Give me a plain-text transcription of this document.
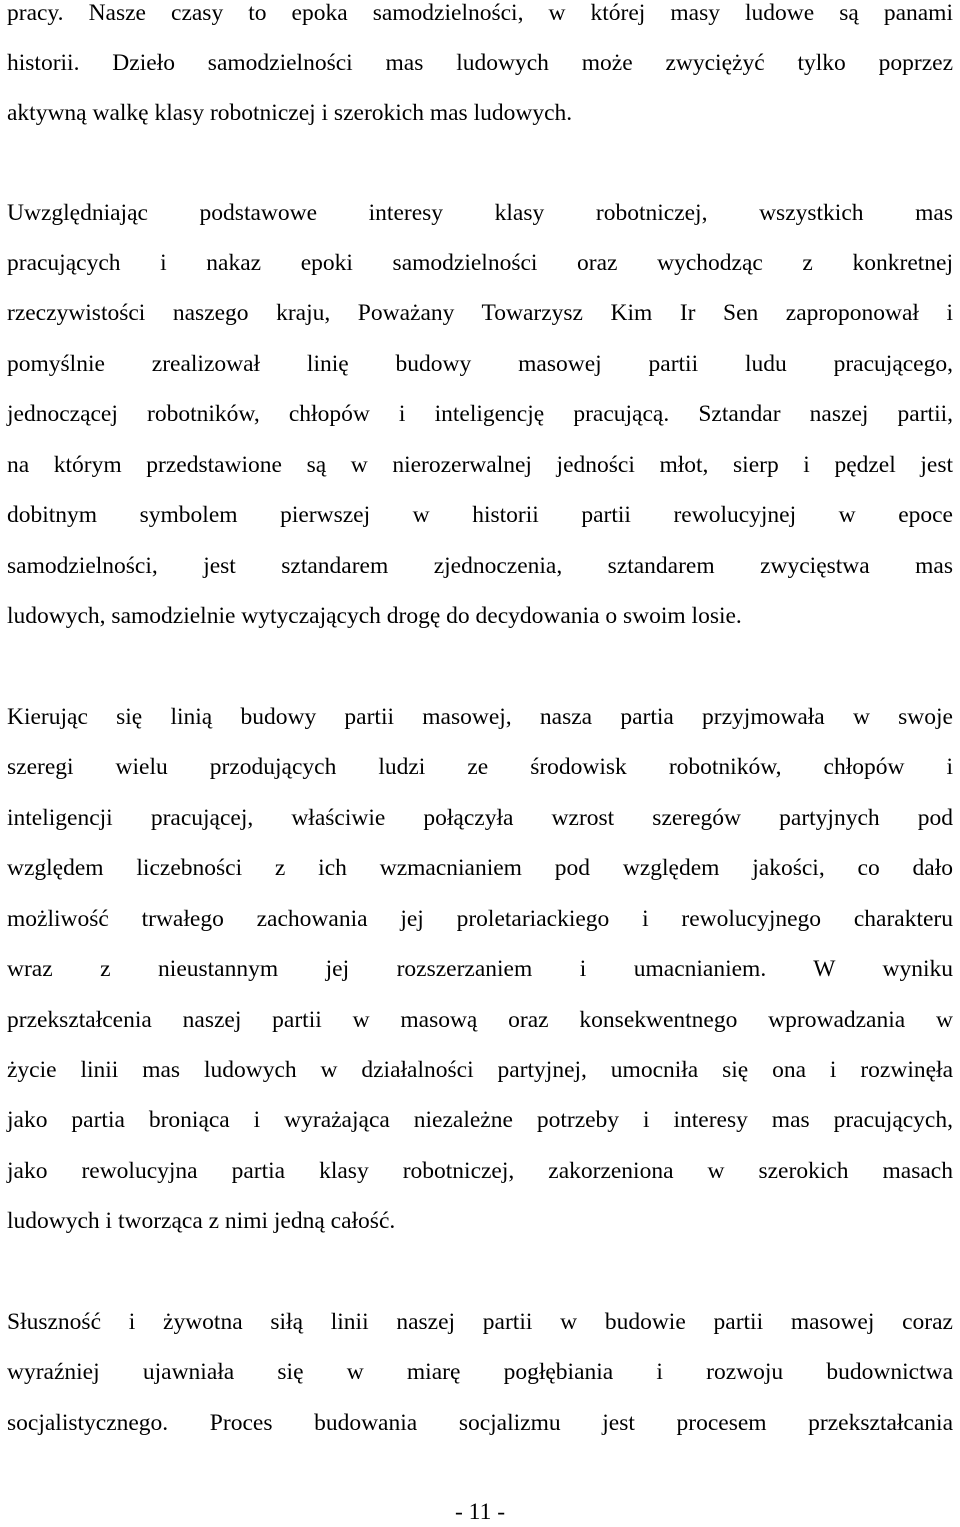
pracy. Nasze czasy to epoka samodzielności, w której masy ludowe są panami

historii. Dzieło samodzielności mas ludowych może zwyciężyć tylko poprzez

aktywną walkę klasy robotniczej i szerokich mas ludowych.

Uwzględniając podstawowe interesy klasy robotniczej, wszystkich mas

pracujących i nakaz epoki samodzielności oraz wychodząc z konkretnej

rzeczywistości naszego kraju, Poważany Towarzysz Kim Ir Sen zaproponował i

pomyślnie zrealizował linię budowy masowej partii ludu pracującego,

jednoczącej robotników, chłopów i inteligencję pracującą. Sztandar naszej partii,

na którym przedstawione są w nierozerwalnej jedności młot, sierp i pędzel jest

dobitnym symbolem pierwszej w historii partii rewolucyjnej w epoce

samodzielności, jest sztandarem zjednoczenia, sztandarem zwycięstwa mas

ludowych, samodzielnie wytyczających drogę do decydowania o swoim losie.

Kierując się linią budowy partii masowej, nasza partia przyjmowała w swoje

szeregi wielu przodujących ludzi ze środowisk robotników, chłopów i

inteligencji pracującej, właściwie połączyła wzrost szeregów partyjnych pod

względem liczebności z ich wzmacnianiem pod względem jakości, co dało

możliwość trwałego zachowania jej proletariackiego i rewolucyjnego charakteru

wraz z nieustannym jej rozszerzaniem i umacnianiem. W wyniku

przekształcenia naszej partii w masową oraz konsekwentnego wprowadzania w

życie linii mas ludowych w działalności partyjnej, umocniła się ona i rozwinęła

jako partia broniąca i wyrażająca niezależne potrzeby i interesy mas pracujących,

jako rewolucyjna partia klasy robotniczej, zakorzeniona w szerokich masach

ludowych i tworząca z nimi jedną całość.

Słuszność i żywotna siłą linii naszej partii w budowie partii masowej coraz

wyraźniej ujawniała się w miarę pogłębiania i rozwoju budownictwa

socjalistycznego. Proces budowania socjalizmu jest procesem przekształcania

- 11 -
